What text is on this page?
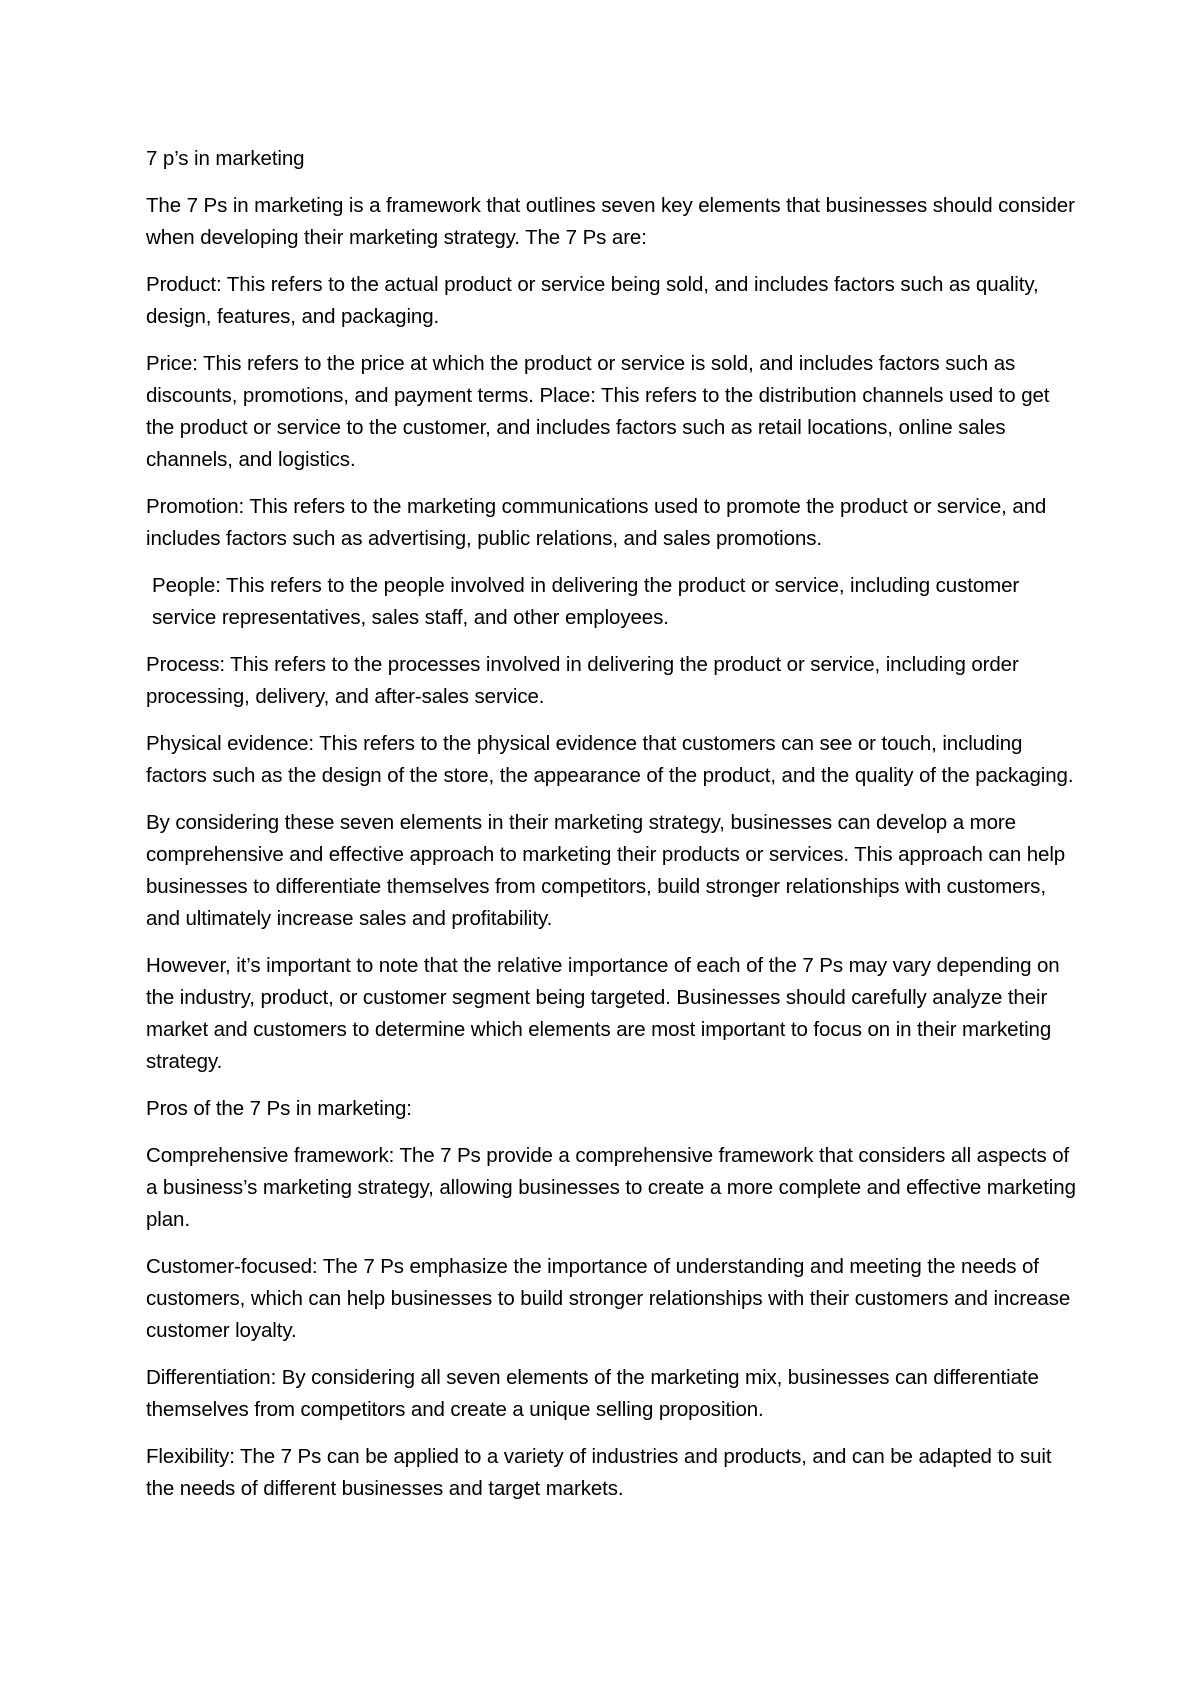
7 p’s in marketing

The 7 Ps in marketing is a framework that outlines seven key elements that businesses should consider when developing their marketing strategy. The 7 Ps are:

Product: This refers to the actual product or service being sold, and includes factors such as quality, design, features, and packaging.

Price: This refers to the price at which the product or service is sold, and includes factors such as discounts, promotions, and payment terms. Place: This refers to the distribution channels used to get the product or service to the customer, and includes factors such as retail locations, online sales channels, and logistics.

Promotion: This refers to the marketing communications used to promote the product or service, and includes factors such as advertising, public relations, and sales promotions.

People: This refers to the people involved in delivering the product or service, including customer service representatives, sales staff, and other employees.

Process: This refers to the processes involved in delivering the product or service, including order processing, delivery, and after-sales service.

Physical evidence: This refers to the physical evidence that customers can see or touch, including factors such as the design of the store, the appearance of the product, and the quality of the packaging.

By considering these seven elements in their marketing strategy, businesses can develop a more comprehensive and effective approach to marketing their products or services. This approach can help businesses to differentiate themselves from competitors, build stronger relationships with customers, and ultimately increase sales and profitability.

However, it’s important to note that the relative importance of each of the 7 Ps may vary depending on the industry, product, or customer segment being targeted. Businesses should carefully analyze their market and customers to determine which elements are most important to focus on in their marketing strategy.

Pros of the 7 Ps in marketing:

Comprehensive framework: The 7 Ps provide a comprehensive framework that considers all aspects of a business’s marketing strategy, allowing businesses to create a more complete and effective marketing plan.

Customer-focused: The 7 Ps emphasize the importance of understanding and meeting the needs of customers, which can help businesses to build stronger relationships with their customers and increase customer loyalty.

Differentiation: By considering all seven elements of the marketing mix, businesses can differentiate themselves from competitors and create a unique selling proposition.

Flexibility: The 7 Ps can be applied to a variety of industries and products, and can be adapted to suit the needs of different businesses and target markets.
